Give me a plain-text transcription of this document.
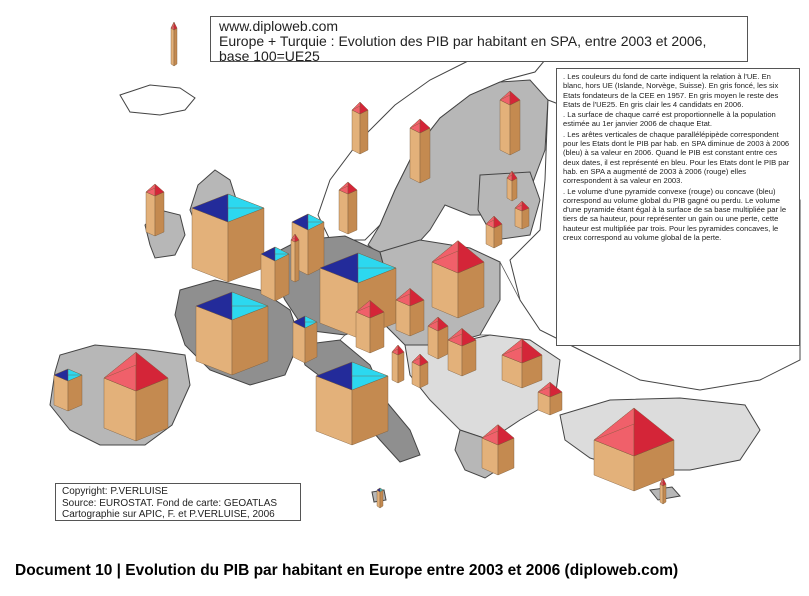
www.diploweb.com
Europe + Turquie : Evolution des PIB par habitant en SPA, entre 2003 et 2006,
base 100=UE25

. Les couleurs du fond de carte indiquent la relation à l'UE. En blanc, hors UE (Islande, Norvège, Suisse). En gris foncé, les six Etats fondateurs de la CEE en 1957. En gris moyen le reste des Etats de l'UE25. En gris clair les 4 candidats en 2006.

. La surface de chaque carré est proportionnelle à la population estimée au 1er janvier 2006 de chaque Etat.

. Les arêtes verticales de chaque parallélépipède correspondent pour les Etats dont le PIB par hab. en SPA diminue de 2003 à 2006 (bleu) à sa valeur en 2006. Quand le PIB est constant entre ces deux dates, il est représenté en bleu. Pour les Etats dont le PIB par hab. en SPA a augmenté de 2003 à 2006 (rouge) elles correspondent à sa valeur en 2003.

. Le volume d'une pyramide convexe (rouge) ou concave (bleu) correspond au volume global du PIB gagné ou perdu. Le volume d'une pyramide étant égal à la surface de sa base multipliée par le tiers de sa hauteur, pour représenter un gain ou une perte, cette hauteur est multipliée par trois. Pour les pyramides concaves, le creux correspond au volume global de la perte.

Copyright: P.VERLUISE
Source: EUROSTAT. Fond de carte: GEOATLAS
Cartographie sur APIC, F. et P.VERLUISE, 2006
Document 10 | Evolution du PIB par habitant en Europe entre 2003 et 2006 (diploweb.com)
